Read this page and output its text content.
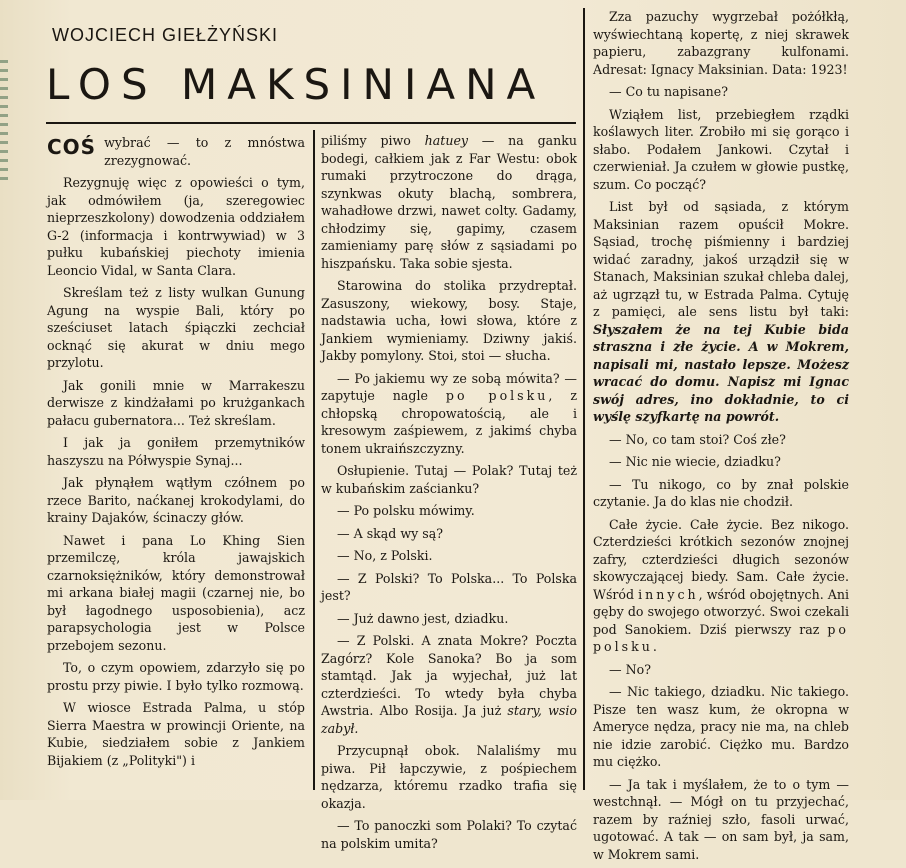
WOJCIECH GIEŁŻYŃSKI
LOS MAKSINIANA

COŚ wybrać — to z mnóstwa zrezygnować.

Rezygnuję więc z opowieści o tym, jak odmówiłem (ja, szeregowiec nieprzeszkolony) dowodzenia oddziałem G-2 (informacja i kontrwywiad) w 3 pułku kubańskiej piechoty imienia Leoncio Vidal, w Santa Clara.

Skreślam też z listy wulkan Gunung Agung na wyspie Bali, który po sześciuset latach śpiączki zechciał ocknąć się akurat w dniu mego przylotu.

Jak gonili mnie w Marrakeszu derwisze z kindżałami po krużgankach pałacu gubernatora... Też skreślam.

I jak ja goniłem przemytników haszyszu na Półwyspie Synaj...

Jak płynąłem wątłym czółnem po rzece Barito, naćkanej krokodylami, do krainy Dajaków, ścinaczy głów.

Nawet i pana Lo Khing Sien przemilczę, króla jawajskich czarnoksiężników, który demonstrował mi arkana białej magii (czarnej nie, bo był łagodnego usposobienia), acz parapsychologia jest w Polsce przebojem sezonu.

To, o czym opowiem, zdarzyło się po prostu przy piwie. I było tylko rozmową.

W wiosce Estrada Palma, u stóp Sierra Maestra w prowincji Oriente, na Kubie, siedziałem sobie z Jankiem Bijakiem (z „Polityki") i

piliśmy piwo hatuey — na ganku bodegi, całkiem jak z Far Westu: obok rumaki przytroczone do drąga, szynkwas okuty blachą, sombrera, wahadłowe drzwi, nawet colty. Gadamy, chłodzimy się, gapimy, czasem zamieniamy parę słów z sąsiadami po hiszpańsku. Taka sobie sjesta.

Starowina do stolika przydreptał. Zasuszony, wiekowy, bosy. Staje, nadstawia ucha, łowi słowa, które z Jankiem wymieniamy. Dziwny jakiś. Jakby pomylony. Stoi, stoi — słucha.

— Po jakiemu wy ze sobą mówita? — zapytuje nagle po polsku, z chłopską chropowatością, ale i kresowym zaśpiewem, z jakimś chyba tonem ukraińszczyzny.

Osłupienie. Tutaj — Polak? Tutaj też w kubańskim zaścianku?

— Po polsku mówimy.

— A skąd wy są?

— No, z Polski.

— Z Polski? To Polska... To Polska jest?

— Już dawno jest, dziadku.

— Z Polski. A znata Mokre? Poczta Zagórz? Kole Sanoka? Bo ja som stamtąd. Jak ja wyjechał, już lat czterdzieści. To wtedy była chyba Awstria. Albo Rosija. Ja już stary, wsio zabył.

Przycupnął obok. Nalaliśmy mu piwa. Pił łapczywie, z pośpiechem nędzarza, któremu rzadko trafia się okazja.

— To panoczki som Polaki? To czytać na polskim umita?

Zza pazuchy wygrzebał pożółkłą, wyświechtaną kopertę, z niej skrawek papieru, zabazgrany kulfonami. Adresat: Ignacy Maksinian. Data: 1923!

— Co tu napisane?

Wziąłem list, przebiegłem rządki koślawych liter. Zrobiło mi się gorąco i słabo. Podałem Jankowi. Czytał i czerwieniał. Ja czułem w głowie pustkę, szum. Co począć?

List był od sąsiada, z którym Maksinian razem opuścił Mokre. Sąsiad, trochę piśmienny i bardziej widać zaradny, jakoś urządził się w Stanach, Maksinian szukał chleba dalej, aż ugrzązł tu, w Estrada Palma. Cytuję z pamięci, ale sens listu był taki: Słyszałem że na tej Kubie bida straszna i złe życie. A w Mokrem, napisali mi, nastało lepsze. Możesz wracać do domu. Napisz mi Ignac swój adres, ino dokładnie, to ci wyślę szyfkartę na powrót.

— No, co tam stoi? Coś złe?

— Nic nie wiecie, dziadku?

— Tu nikogo, co by znał polskie czytanie. Ja do klas nie chodził.

Całe życie. Całe życie. Bez nikogo. Czterdzieści krótkich sezonów znojnej zafry, czterdzieści długich sezonów skowyczającej biedy. Sam. Całe życie. Wśród innych, wśród obojętnych. Ani gęby do swojego otworzyć. Swoi czekali pod Sanokiem. Dziś pierwszy raz po polsku.

— No?

— Nic takiego, dziadku. Nic takiego. Pisze ten wasz kum, że okropna w Ameryce nędza, pracy nie ma, na chleb nie idzie zarobić. Ciężko mu. Bardzo mu ciężko.

— Ja tak i myślałem, że to o tym — westchnął. — Mógł on tu przyjechać, razem by raźniej szło, fasoli urwać, ugotować. A tak — on sam był, ja sam, w Mokrem sami.
